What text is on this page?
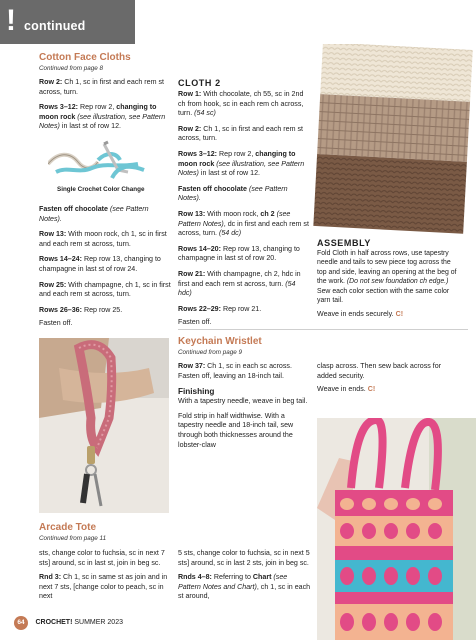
! continued
Cotton Face Cloths
Continued from page 8

Row 2: Ch 1, sc in first and each rem st across, turn.

Rows 3–12: Rep row 2, changing to moon rock (see illustration, see Pattern Notes) in last st of row 12.

Single Crochet Color Change

Fasten off chocolate (see Pattern Notes).

Row 13: With moon rock, ch 1, sc in first and each rem st across, turn.

Rows 14–24: Rep row 13, changing to champagne in last st of row 24.

Row 25: With champagne, ch 1, sc in first and each rem st across, turn.

Rows 26–36: Rep row 25.

Fasten off.

CLOTH 2

Row 1: With chocolate, ch 55, sc in 2nd ch from hook, sc in each rem ch across, turn. (54 sc)

Row 2: Ch 1, sc in first and each rem st across, turn.

Rows 3–12: Rep row 2, changing to moon rock (see illustration, see Pattern Notes) in last st of row 12.

Fasten off chocolate (see Pattern Notes).

Row 13: With moon rock, ch 2 (see Pattern Notes), dc in first and each rem st across, turn. (54 dc)

Rows 14–20: Rep row 13, changing to champagne in last st of row 20.

Row 21: With champagne, ch 2, hdc in first and each rem st across, turn. (54 hdc)

Rows 22–29: Rep row 21.

Fasten off.

ASSEMBLY

Fold Cloth in half across rows, use tapestry needle and tails to sew piece tog across the top and side, leaving an opening at the beg of the work. (Do not sew foundation ch edge.) Sew each color section with the same color yarn tail.

Weave in ends securely. C!

Keychain Wristlet
Continued from page 9

Row 37: Ch 1, sc in each sc across. Fasten off, leaving an 18-inch tail.

Finishing

With a tapestry needle, weave in beg tail.

Fold strip in half widthwise. With a tapestry needle and 18-inch tail, sew through both thicknesses around the lobster-claw

clasp across. Then sew back across for added security.

Weave in ends. C!

Arcade Tote
Continued from page 11

sts, change color to fuchsia, sc in next 7 sts] around, sc in last st, join in beg sc.

Rnd 3: Ch 1, sc in same st as join and in next 7 sts, [change color to peach, sc in next

5 sts, change color to fuchsia, sc in next 5 sts] around, sc in last 2 sts, join in beg sc.

Rnds 4–8: Referring to Chart (see Pattern Notes and Chart), ch 1, sc in each st around,

64 CROCHET! SUMMER 2023
